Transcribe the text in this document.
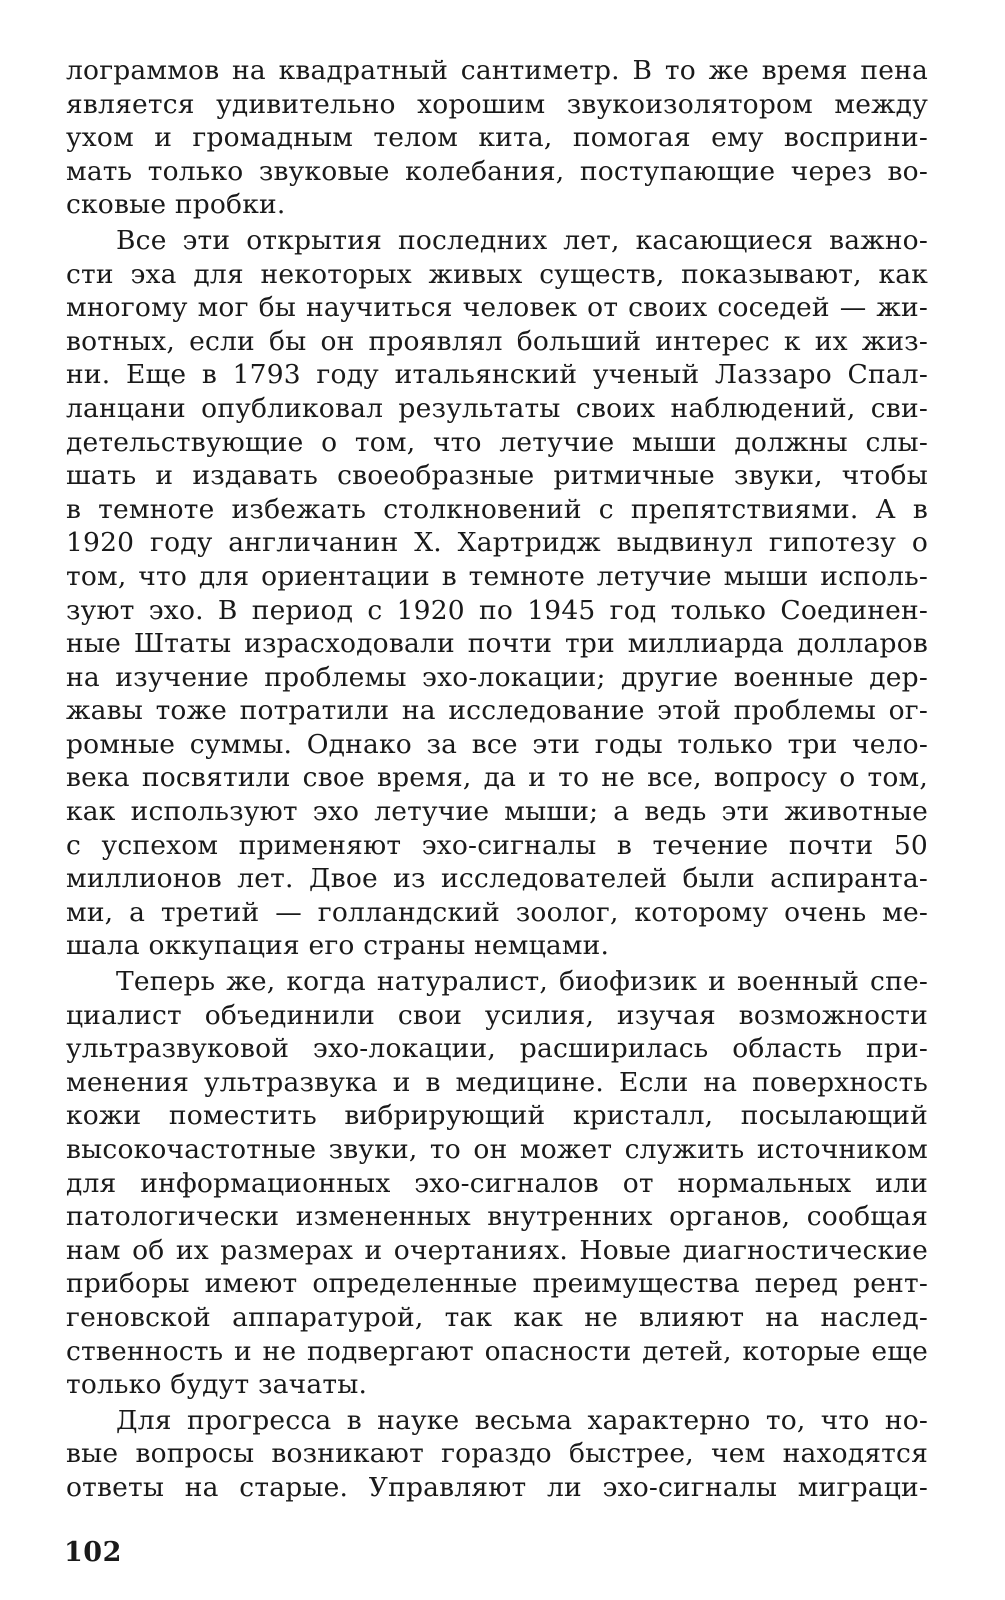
лограммов на квадратный сантиметр. В то же время пена
является удивительно хорошим звукоизолятором между
ухом и громадным телом кита, помогая ему восприни-
мать только звуковые колебания, поступающие через во-
сковые пробки.
Все эти открытия последних лет, касающиеся важно-
сти эха для некоторых живых существ, показывают, как
многому мог бы научиться человек от своих соседей — жи-
вотных, если бы он проявлял больший интерес к их жиз-
ни. Еще в 1793 году итальянский ученый Лаззаро Спал-
ланцани опубликовал результаты своих наблюдений, сви-
детельствующие о том, что летучие мыши должны слы-
шать и издавать своеобразные ритмичные звуки, чтобы
в темноте избежать столкновений с препятствиями. А в
1920 году англичанин Х. Хартридж выдвинул гипотезу о
том, что для ориентации в темноте летучие мыши исполь-
зуют эхо. В период с 1920 по 1945 год только Соединен-
ные Штаты израсходовали почти три миллиарда долларов
на изучение проблемы эхо-локации; другие военные дер-
жавы тоже потратили на исследование этой проблемы ог-
ромные суммы. Однако за все эти годы только три чело-
века посвятили свое время, да и то не все, вопросу о том,
как используют эхо летучие мыши; а ведь эти животные
с успехом применяют эхо-сигналы в течение почти 50
миллионов лет. Двое из исследователей были аспиранта-
ми, а третий — голландский зоолог, которому очень ме-
шала оккупация его страны немцами.
Теперь же, когда натуралист, биофизик и военный спе-
циалист объединили свои усилия, изучая возможности
ультразвуковой эхо-локации, расширилась область при-
менения ультразвука и в медицине. Если на поверхность
кожи поместить вибрирующий кристалл, посылающий
высокочастотные звуки, то он может служить источником
для информационных эхо-сигналов от нормальных или
патологически измененных внутренних органов, сообщая
нам об их размерах и очертаниях. Новые диагностические
приборы имеют определенные преимущества перед рент-
геновской аппаратурой, так как не влияют на наслед-
ственность и не подвергают опасности детей, которые еще
только будут зачаты.
Для прогресса в науке весьма характерно то, что но-
вые вопросы возникают гораздо быстрее, чем находятся
ответы на старые. Управляют ли эхо-сигналы миграци-
102
